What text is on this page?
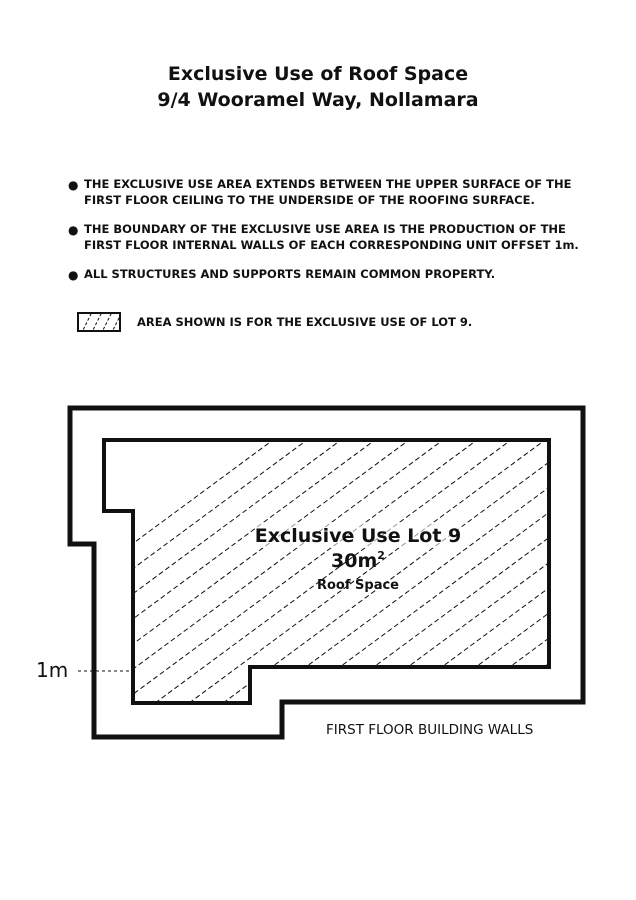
Exclusive Use of Roof Space
9/4 Wooramel Way, Nollamara
● THE EXCLUSIVE USE AREA EXTENDS BETWEEN THE UPPER SURFACE OF THE FIRST FLOOR CEILING TO THE UNDERSIDE OF THE ROOFING SURFACE.
● THE BOUNDARY OF THE EXCLUSIVE USE AREA IS THE PRODUCTION OF THE FIRST FLOOR INTERNAL WALLS OF EACH CORRESPONDING UNIT OFFSET 1m.
● ALL STRUCTURES AND SUPPORTS REMAIN COMMON PROPERTY.
AREA SHOWN IS FOR THE EXCLUSIVE USE OF LOT 9.
Exclusive Use Lot 9
$30m^2$
Roof Space
1m
FIRST FLOOR BUILDING WALLS
